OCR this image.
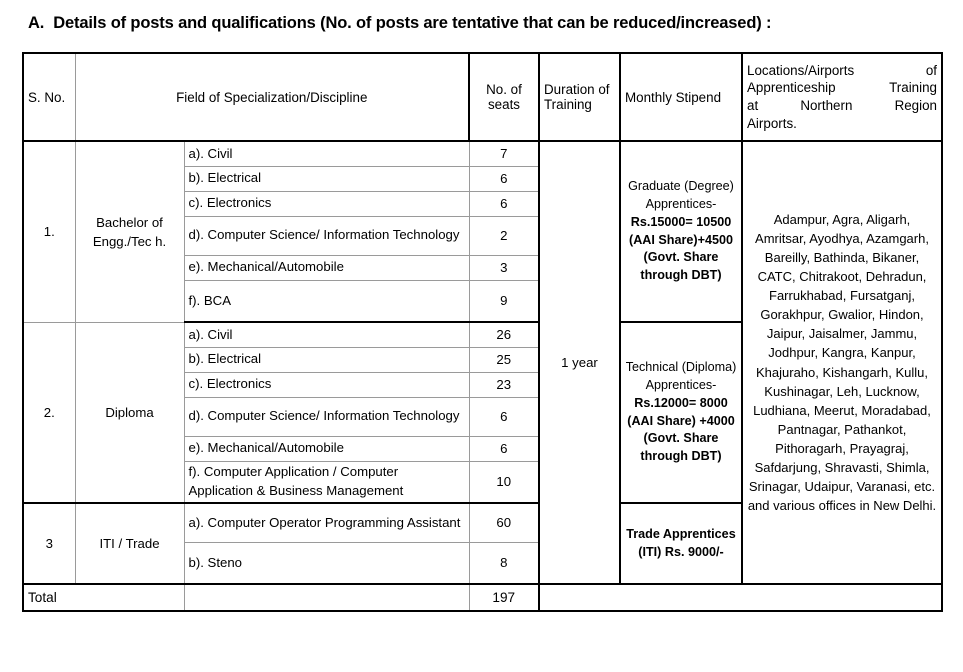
A. Details of posts and qualifications (No. of posts are tentative that can be reduced/increased) :
S. No.	Field of Specialization/Discipline		No. of seats	Duration of Training	Monthly Stipend	Locations/Airports of
Apprenticeship Training
at Northern Region
Airports.

1.	Bachelor of Engg./Tec h.	a). Civil	7	1 year	Graduate (Degree) Apprentices- Rs.15000= 10500 (AAI Share)+4500 (Govt. Share through DBT)	Adampur, Agra, Aligarh, Amritsar, Ayodhya, Azamgarh, Bareilly, Bathinda, Bikaner, CATC, Chitrakoot, Dehradun, Farrukhabad, Fursatganj, Gorakhpur, Gwalior, Hindon, Jaipur, Jaisalmer, Jammu, Jodhpur, Kangra, Kanpur, Khajuraho, Kishangarh, Kullu, Kushinagar, Leh, Lucknow, Ludhiana, Meerut, Moradabad, Pantnagar, Pathankot, Pithoragarh, Prayagraj, Safdarjung, Shravasti, Shimla, Srinagar, Udaipur, Varanasi, etc. and various offices in New Delhi.
		b). Electrical	6			
		c). Electronics	6			
		d). Computer Science/ Information Technology	2			
		e). Mechanical/Automobile	3			
		f). BCA	9			
2.	Diploma	a). Civil	26		Technical (Diploma) Apprentices- Rs.12000= 8000 (AAI Share) +4000 (Govt. Share through DBT)	
		b). Electrical	25			
		c). Electronics	23			
		d). Computer Science/ Information Technology	6			
		e). Mechanical/Automobile	6			
		f). Computer Application / Computer Application & Business Management	10			
3	ITI / Trade	a). Computer Operator Programming Assistant	60		Trade Apprentices (ITI) Rs. 9000/-	
		b). Steno	8			
Total			197			
